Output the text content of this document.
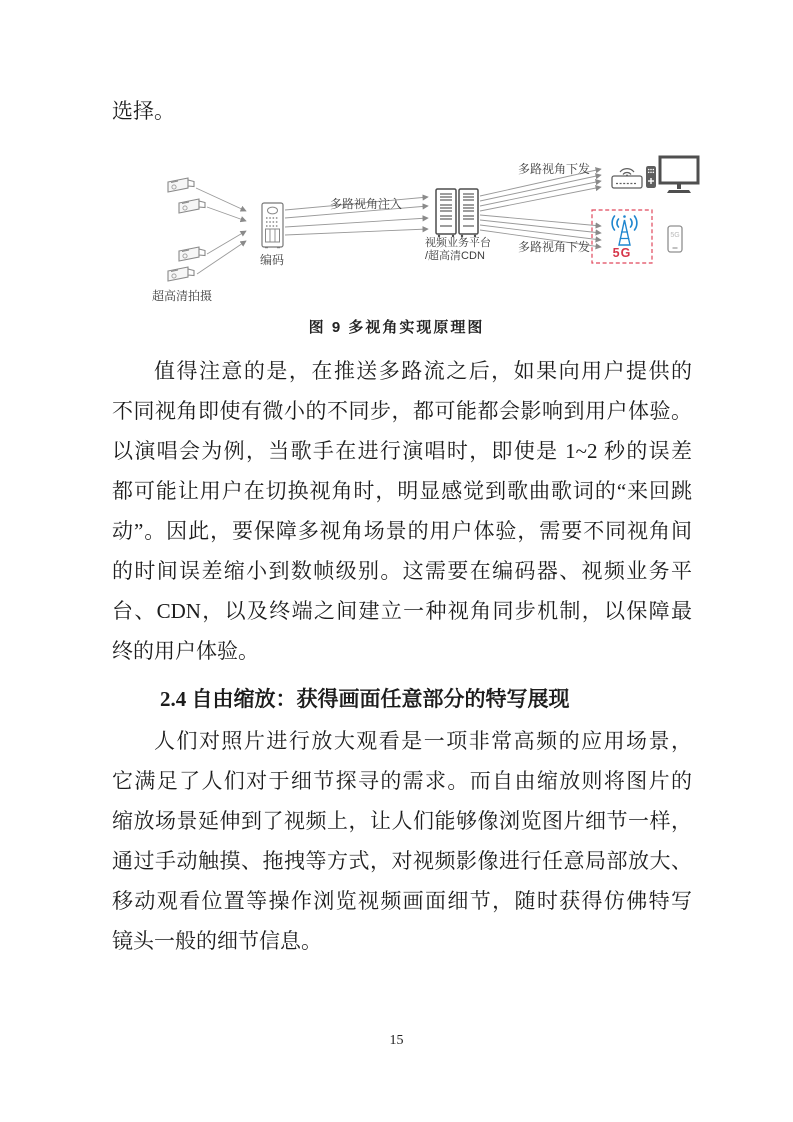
选择。
超高清拍摄
编码
多路视角注入
视频业务平台
/超高清CDN
多路视角下发
多路视角下发	5G
5G
图 9 多视角实现原理图
值得注意的是，在推送多路流之后，如果向用户提供的
不同视角即使有微小的不同步，都可能都会影响到用户体验。
以演唱会为例，当歌手在进行演唱时，即使是 1~2 秒的误差
都可能让用户在切换视角时，明显感觉到歌曲歌词的“来回跳
动”。因此，要保障多视角场景的用户体验，需要不同视角间
的时间误差缩小到数帧级别。这需要在编码器、视频业务平
台、CDN，以及终端之间建立一种视角同步机制，以保障最
终的用户体验。
2.4 自由缩放：获得画面任意部分的特写展现
人们对照片进行放大观看是一项非常高频的应用场景，
它满足了人们对于细节探寻的需求。而自由缩放则将图片的
缩放场景延伸到了视频上，让人们能够像浏览图片细节一样，
通过手动触摸、拖拽等方式，对视频影像进行任意局部放大、
移动观看位置等操作浏览视频画面细节，随时获得仿佛特写
镜头一般的细节信息。
15
